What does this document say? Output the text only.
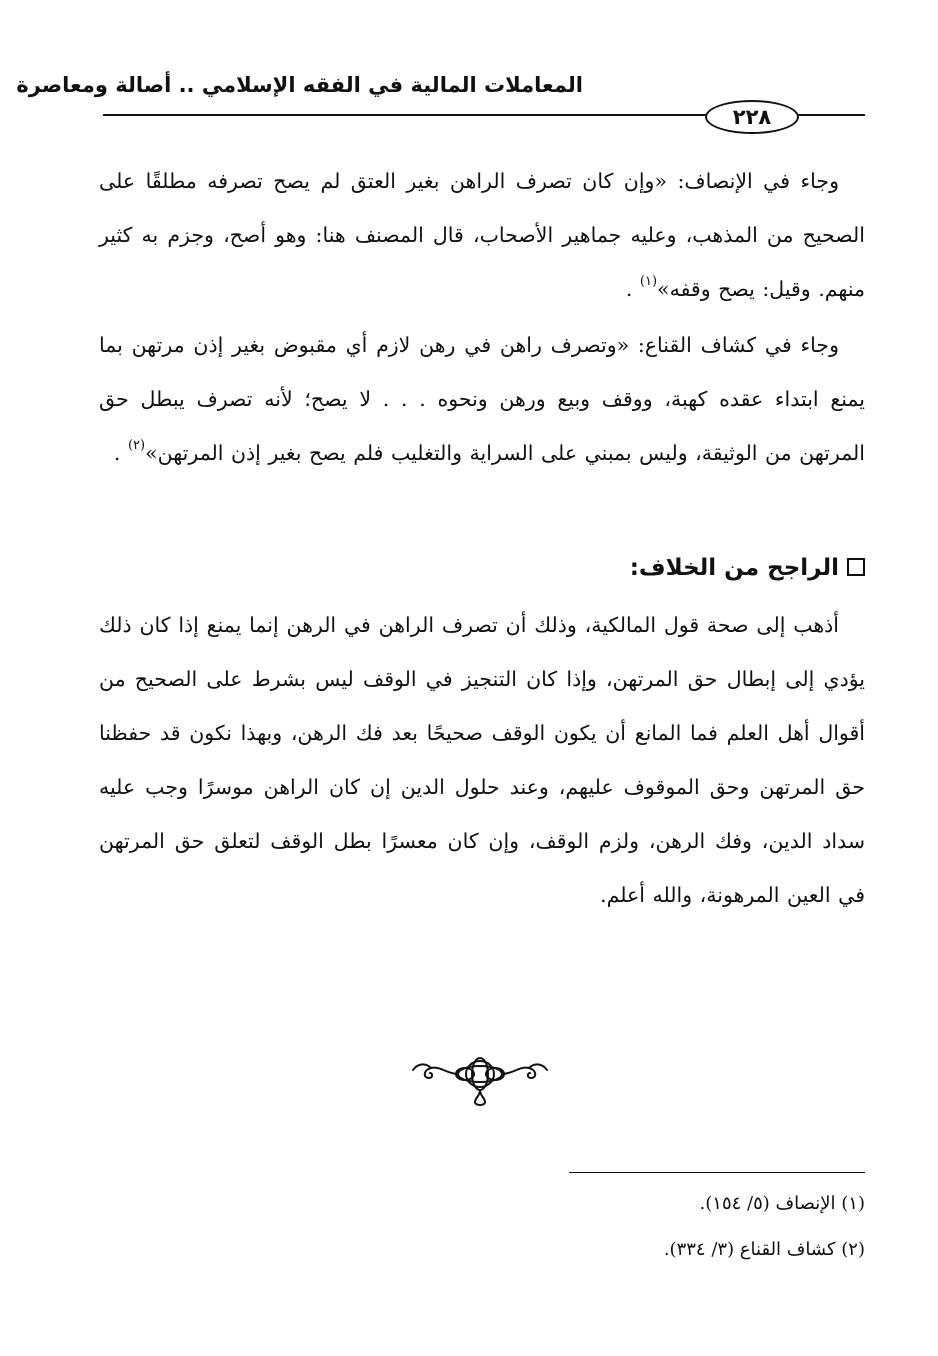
المعاملات المالية في الفقه الإسلامي .. أصالة ومعاصرة
٢٢٨
وجاء في الإنصاف: «وإن كان تصرف الراهن بغير العتق لم يصح تصرفه مطلقًا على الصحيح من المذهب، وعليه جماهير الأصحاب، قال المصنف هنا: وهو أصح، وجزم به كثير منهم. وقيل: يصح وقفه»$^{(١)}$ .
وجاء في كشاف القناع: «وتصرف راهن في رهن لازم أي مقبوض بغير إذن مرتهن بما يمنع ابتداء عقده كهبة، ووقف وبيع ورهن ونحوه . . . لا يصح؛ لأنه تصرف يبطل حق المرتهن من الوثيقة، وليس بمبني على السراية والتغليب فلم يصح بغير إذن المرتهن»$^{(٢)}$ .
الراجح من الخلاف:
أذهب إلى صحة قول المالكية، وذلك أن تصرف الراهن في الرهن إنما يمنع إذا كان ذلك يؤدي إلى إبطال حق المرتهن، وإذا كان التنجيز في الوقف ليس بشرط على الصحيح من أقوال أهل العلم فما المانع أن يكون الوقف صحيحًا بعد فك الرهن، وبهذا نكون قد حفظنا حق المرتهن وحق الموقوف عليهم، وعند حلول الدين إن كان الراهن موسرًا وجب عليه سداد الدين، وفك الرهن، ولزم الوقف، وإن كان معسرًا بطل الوقف لتعلق حق المرتهن في العين المرهونة، والله أعلم.
(١) الإنصاف (٥/ ١٥٤).
(٢) كشاف القناع (٣/ ٣٣٤).
